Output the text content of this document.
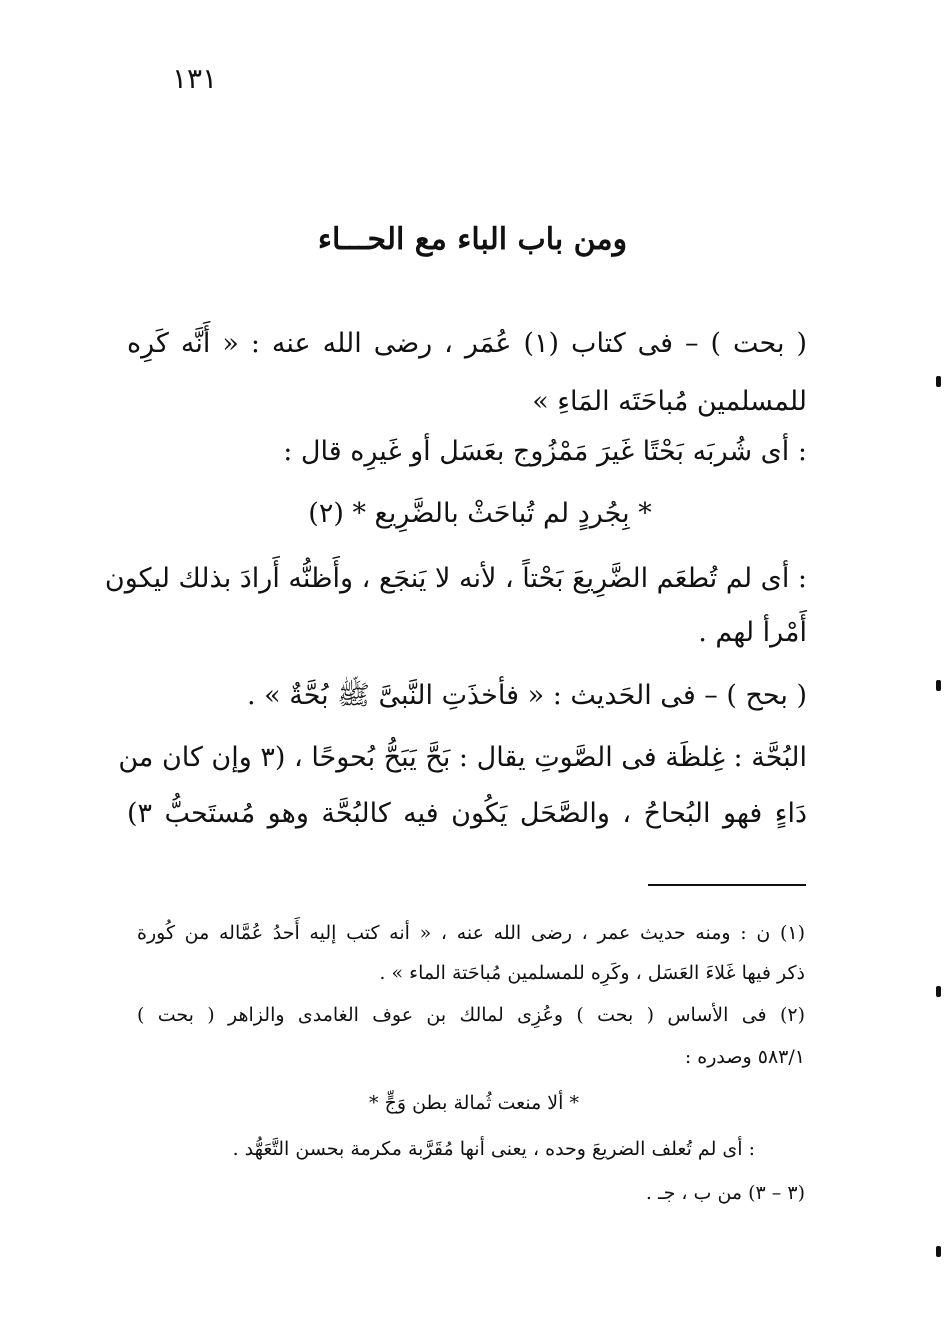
١٣١
ومن باب الباء مع الحـــاء
( بحت ) – فى كتاب (١) عُمَر ، رضى الله عنه : « أَنَّه كَرِه
للمسلمين مُباحَتَه المَاءِ »
: أى شُربَه بَحْتًا غَيرَ مَمْزُوج بعَسَل أو غَيرِه قال :
* بِجُردٍ لم تُباحَثْ بالضَّرِيع * (٢)
: أى لم تُطعَم الضَّرِيعَ بَحْتاً ، لأنه لا يَنجَع ، وأَظنُّه أَرادَ بذلك ليكون
أَمْرأ لهم .
( بحح ) – فى الحَديث : « فأخذَتِ النَّبىَّ ﷺ بُحَّةٌ » .
البُحَّة : غِلظَة فى الصَّوتِ يقال : بَحَّ يَبَحُّ بُحوحًا ، (٣ وإن كان من
دَاءٍ فهو البُحاحُ ، والصَّحَل يَكُون فيه كالبُحَّة وهو مُستَحبُّ ٣)
(١) ن : ومنه حديث عمر ، رضى الله عنه ، « أنه كتب إليه أَحدُ عُمَّاله من كُورة
ذكر فيها غَلاءَ العَسَل ، وكَرِه للمسلمين مُباحَتة الماء » .
(٢) فى الأساس ( بحت ) وعُزِى لمالك بن عوف الغامدى والزاهر ( بحت )
٥٨٣/١ وصدره :
* ألا منعت ثُمالة بطن وَجٍّ *
: أى لم تُعلف الضريعَ وحده ، يعنى أنها مُقَرَّبة مكرمة بحسن التَّعَهُّد .
(٣ – ٣) من ب ، جـ .
